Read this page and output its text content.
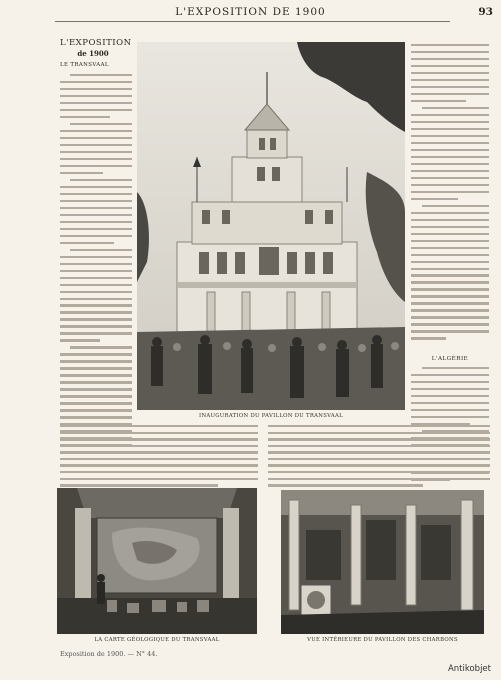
L'EXPOSITION DE 1900	93
L'EXPOSITION
de 1900
LE TRANSVAAL
INAUGURATION DU PAVILLON DU TRANSVAAL
L'ALGÉRIE
LA CARTE GÉOLOGIQUE DU TRANSVAAL	VUE INTÉRIEURE DU PAVILLON DES CHARBONS
Exposition de 1900. — N° 44.
Antikobjet
